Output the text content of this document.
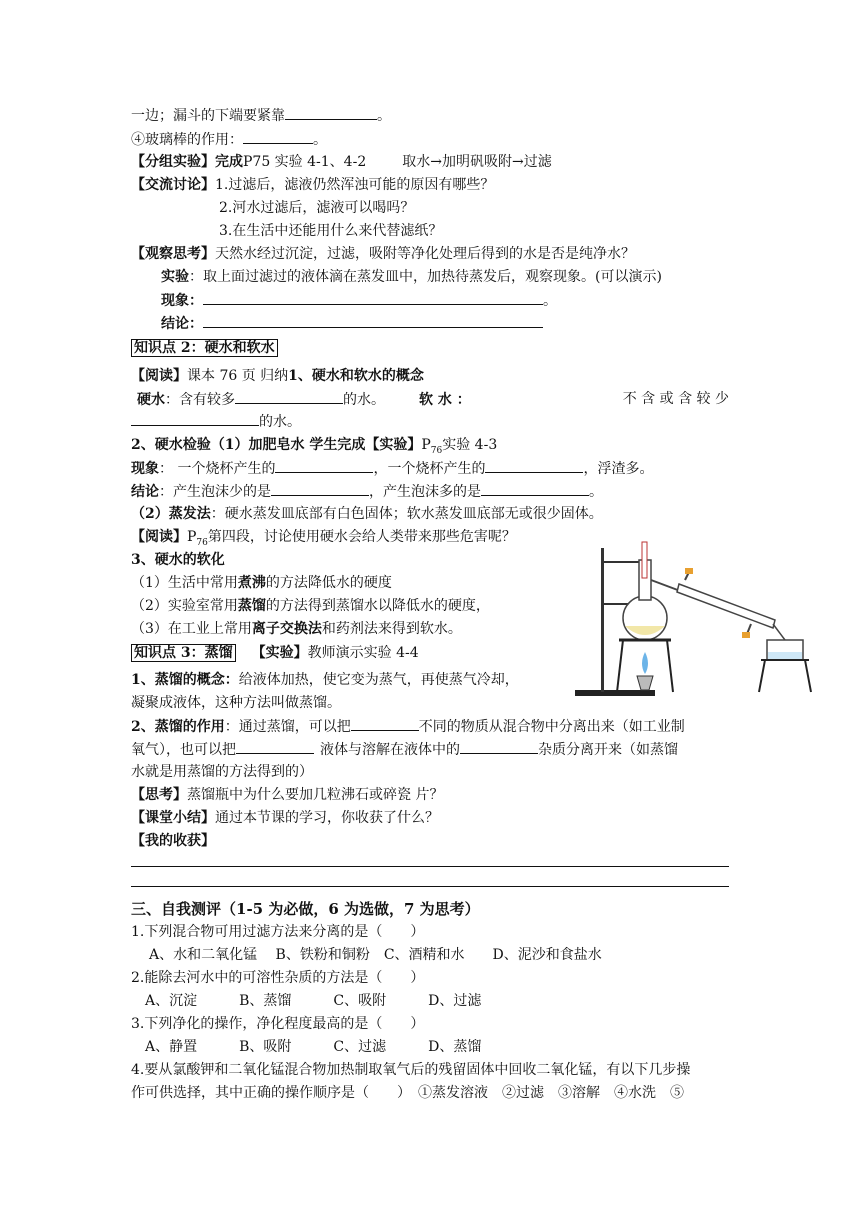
一边；漏斗的下端要紧靠	。
④玻璃棒的作用：	。
【分组实验】完成P75 实验 4-1、4-2	取水→加明矾吸附→过滤
【交流讨论】1.过滤后，滤液仍然浑浊可能的原因有哪些？
2.河水过滤后，滤液可以喝吗？
3.在生活中还能用什么来代替滤纸？
【观察思考】天然水经过沉淀，过滤，吸附等净化处理后得到的水是否是纯净水？
实验：取上面过滤过的液体滴在蒸发皿中，加热待蒸发后，观察现象。(可以演示)
现象：	。
结论：
知识点 2：硬水和软水
【阅读】课本 76 页 归纳1、硬水和软水的概念
硬水：含有较多	的水。 软 水 ：	不 含 或 含 较 少
的水。
2、硬水检验（1）加肥皂水 学生完成【实验】$P_{76}$实验 4-3
现象： 一个烧杯产生的	，一个烧杯产生的	，浮渣多。
结论：产生泡沫少的是	，产生泡沫多的是	。
（2）蒸发法：硬水蒸发皿底部有白色固体；软水蒸发皿底部无或很少固体。
【阅读】$P_{76}$第四段，讨论使用硬水会给人类带来那些危害呢？
3、硬水的软化
（1）生活中常用煮沸的方法降低水的硬度
（2）实验室常用蒸馏的方法得到蒸馏水以降低水的硬度，
（3）在工业上常用离子交换法和药剂法来得到软水。
知识点 3：蒸馏 【实验】教师演示实验 4-4
1、蒸馏的概念：给液体加热，使它变为蒸气，再使蒸气冷却，
凝聚成液体，这种方法叫做蒸馏。
2、蒸馏的作用：通过蒸馏，可以把	不同的物质从混合物中分离出来（如工业制
氧气），也可以把	液体与溶解在液体中的	杂质分离开来（如蒸馏
水就是用蒸馏的方法得到的）
【思考】蒸馏瓶中为什么要加几粒沸石或碎瓷 片？
【课堂小结】通过本节课的学习，你收获了什么？
【我的收获】
三、自我测评（1-5 为必做，6 为选做，7 为思考）
1.下列混合物可用过滤方法来分离的是（　　）
A、水和二氧化锰　 B、铁粉和铜粉　C、酒精和水　　D、泥沙和食盐水
2.能除去河水中的可溶性杂质的方法是（　　）
A、沉淀　　　B、蒸馏　　　C、吸附　　　D、过滤
3.下列净化的操作，净化程度最高的是（　　）
A、静置　　　B、吸附　　　C、过滤　　　D、蒸馏
4.要从氯酸钾和二氧化锰混合物加热制取氧气后的残留固体中回收二氧化锰，有以下几步操
作可供选择，其中正确的操作顺序是（　　）　①蒸发溶液　②过滤　③溶解　④水洗　⑤
